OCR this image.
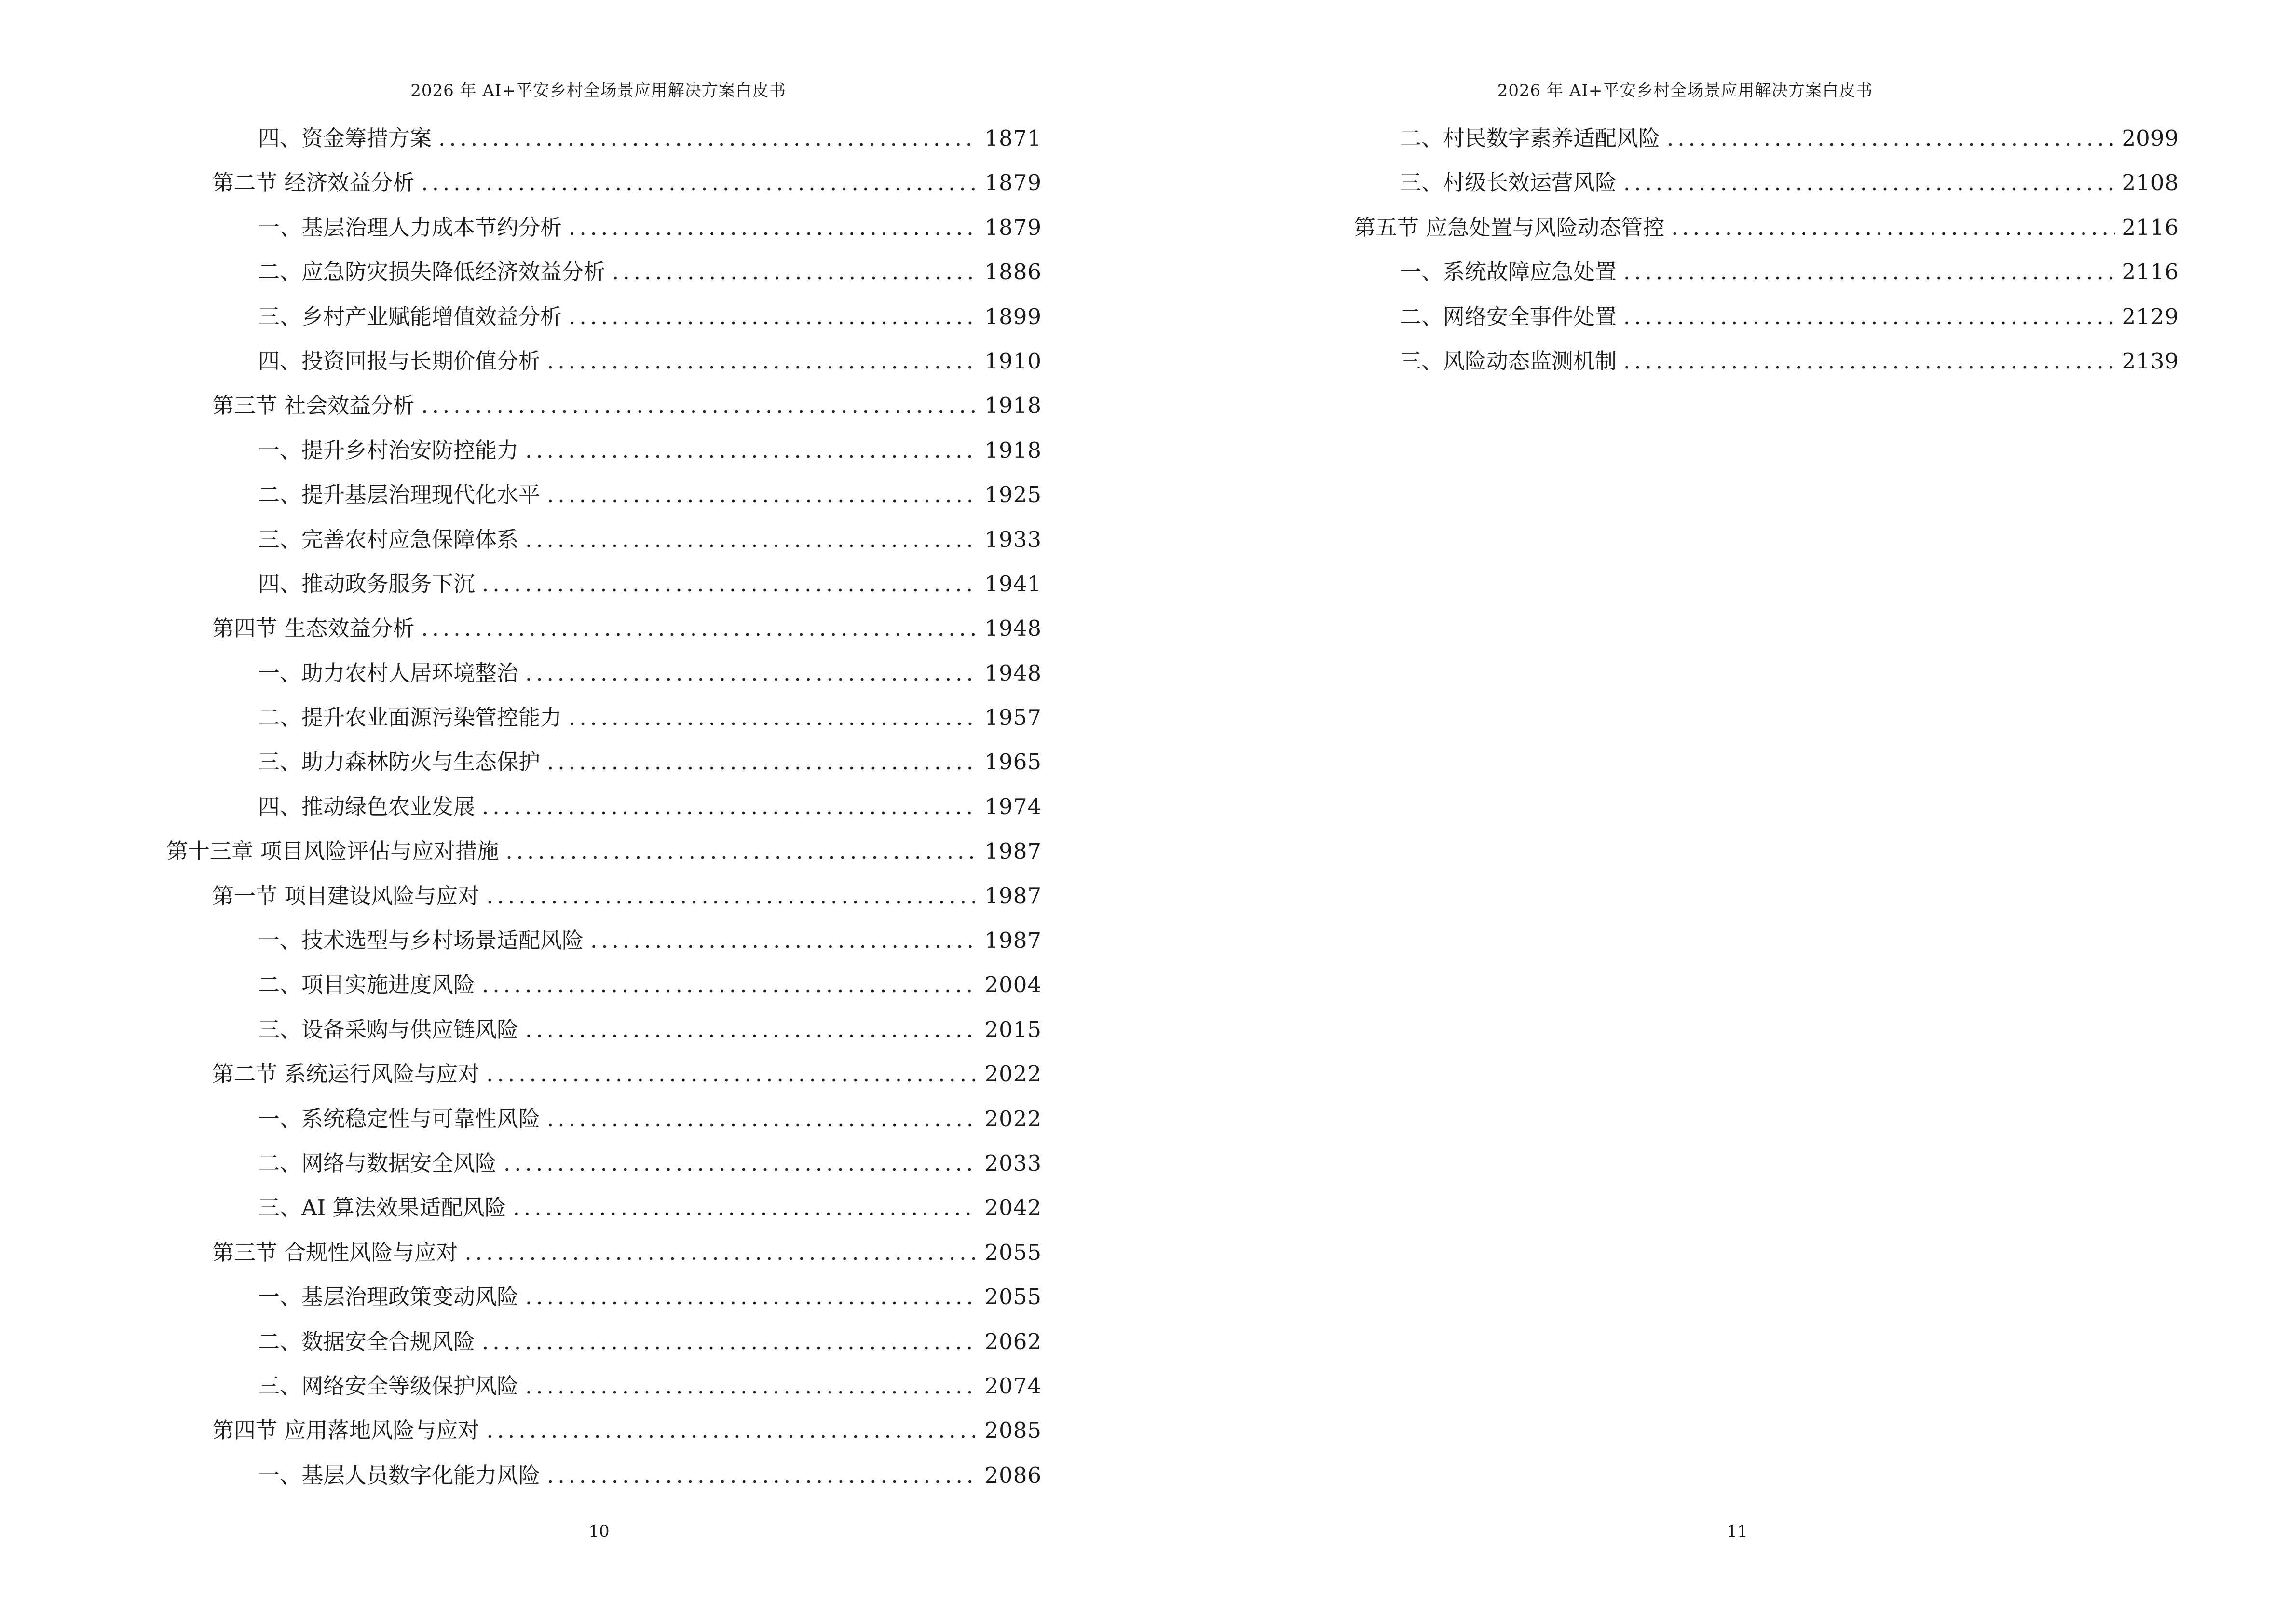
2026 年 AI+平安乡村全场景应用解决方案白皮书
四、资金筹措方案 .....	1871
第二节 经济效益分析 .....	1879
一、基层治理人力成本节约分析 .....	1879
二、应急防灾损失降低经济效益分析 .....	1886
三、乡村产业赋能增值效益分析 .....	1899
四、投资回报与长期价值分析 .....	1910
第三节 社会效益分析 .....	1918
一、提升乡村治安防控能力 .....	1918
二、提升基层治理现代化水平 .....	1925
三、完善农村应急保障体系 .....	1933
四、推动政务服务下沉 .....	1941
第四节 生态效益分析 .....	1948
一、助力农村人居环境整治 .....	1948
二、提升农业面源污染管控能力 .....	1957
三、助力森林防火与生态保护 .....	1965
四、推动绿色农业发展 .....	1974
第十三章 项目风险评估与应对措施 .....	1987
第一节 项目建设风险与应对 .....	1987
一、技术选型与乡村场景适配风险 .....	1987
二、项目实施进度风险 .....	2004
三、设备采购与供应链风险 .....	2015
第二节 系统运行风险与应对 .....	2022
一、系统稳定性与可靠性风险 .....	2022
二、网络与数据安全风险 .....	2033
三、AI 算法效果适配风险 .....	2042
第三节 合规性风险与应对 .....	2055
一、基层治理政策变动风险 .....	2055
二、数据安全合规风险 .....	2062
三、网络安全等级保护风险 .....	2074
第四节 应用落地风险与应对 .....	2085
一、基层人员数字化能力风险 .....	2086
10
2026 年 AI+平安乡村全场景应用解决方案白皮书
二、村民数字素养适配风险 .....	2099
三、村级长效运营风险 .....	2108
第五节 应急处置与风险动态管控 .....	2116
一、系统故障应急处置 .....	2116
二、网络安全事件处置 .....	2129
三、风险动态监测机制 .....	2139
11
